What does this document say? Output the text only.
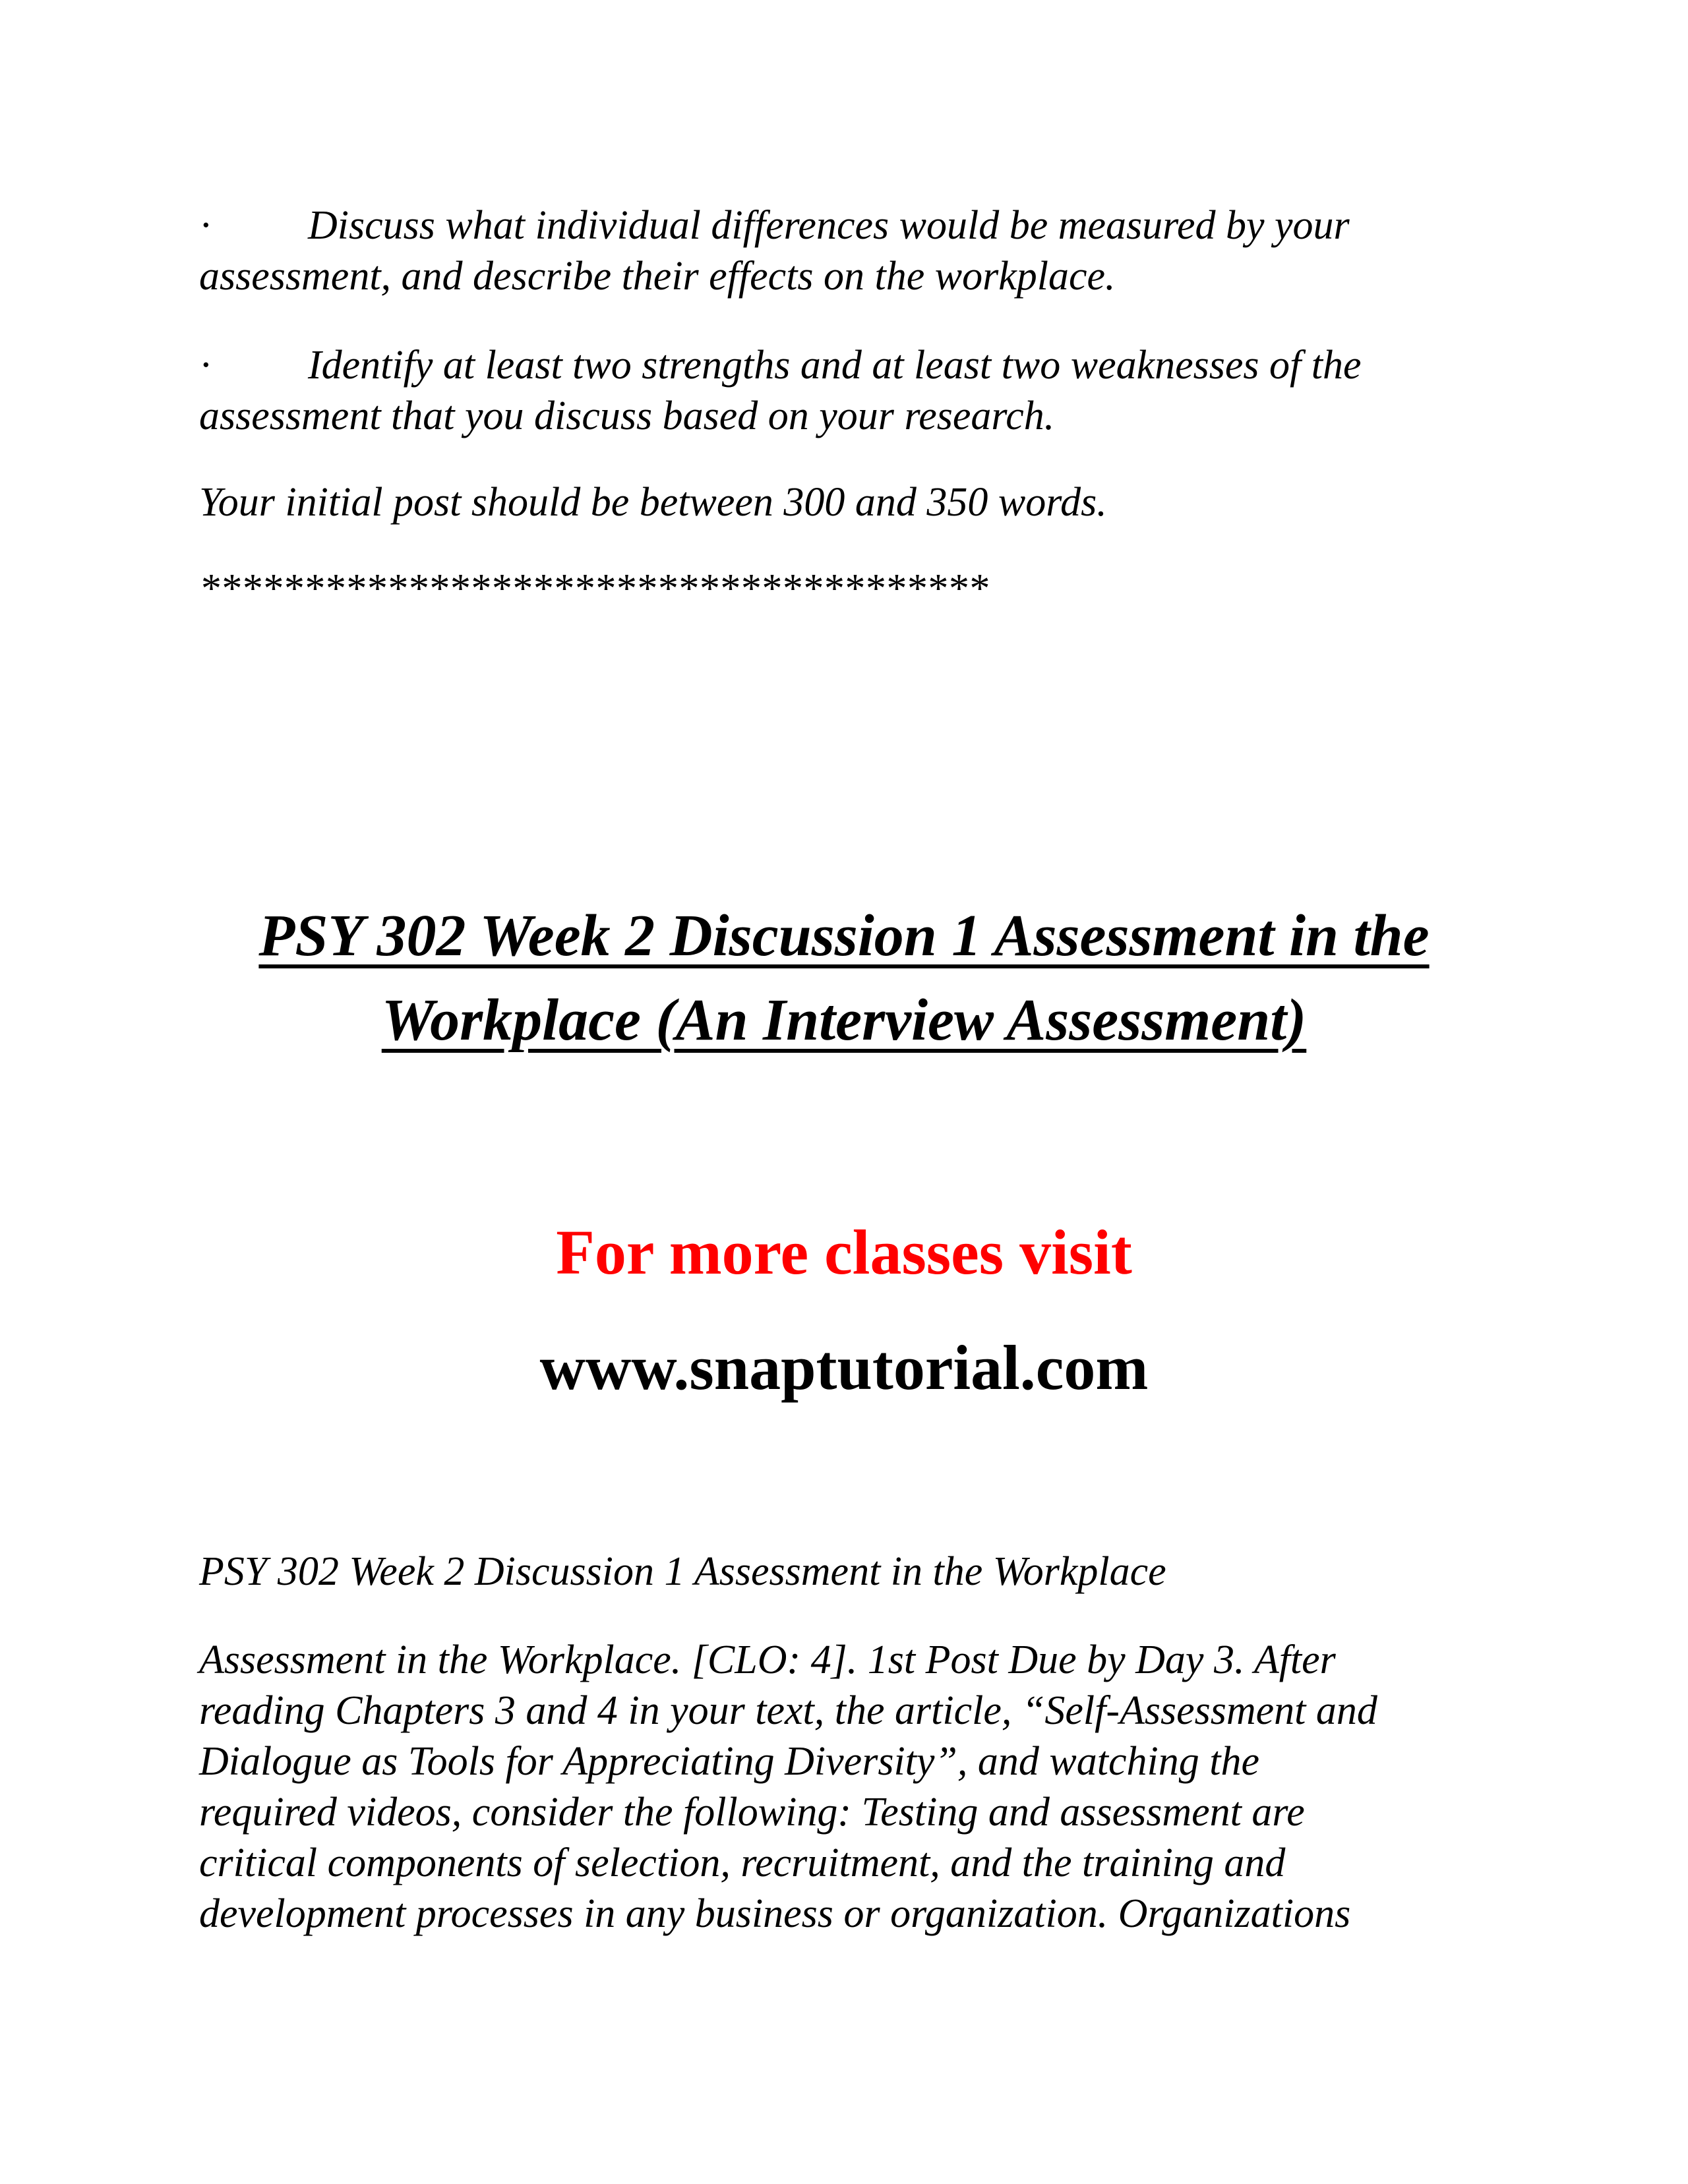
· Discuss what individual differences would be measured by your
assessment, and describe their effects on the workplace.

· Identify at least two strengths and at least two weaknesses of the
assessment that you discuss based on your research.

Your initial post should be between 300 and 350 words.

**************************************
PSY 302 Week 2 Discussion 1 Assessment in the
Workplace (An Interview Assessment)

For more classes visit

www.snaptutorial.com

PSY 302 Week 2 Discussion 1 Assessment in the Workplace

Assessment in the Workplace. [CLO: 4]. 1st Post Due by Day 3. After
reading Chapters 3 and 4 in your text, the article, “Self-Assessment and
Dialogue as Tools for Appreciating Diversity”, and watching the
required videos, consider the following: Testing and assessment are
critical components of selection, recruitment, and the training and
development processes in any business or organization. Organizations
